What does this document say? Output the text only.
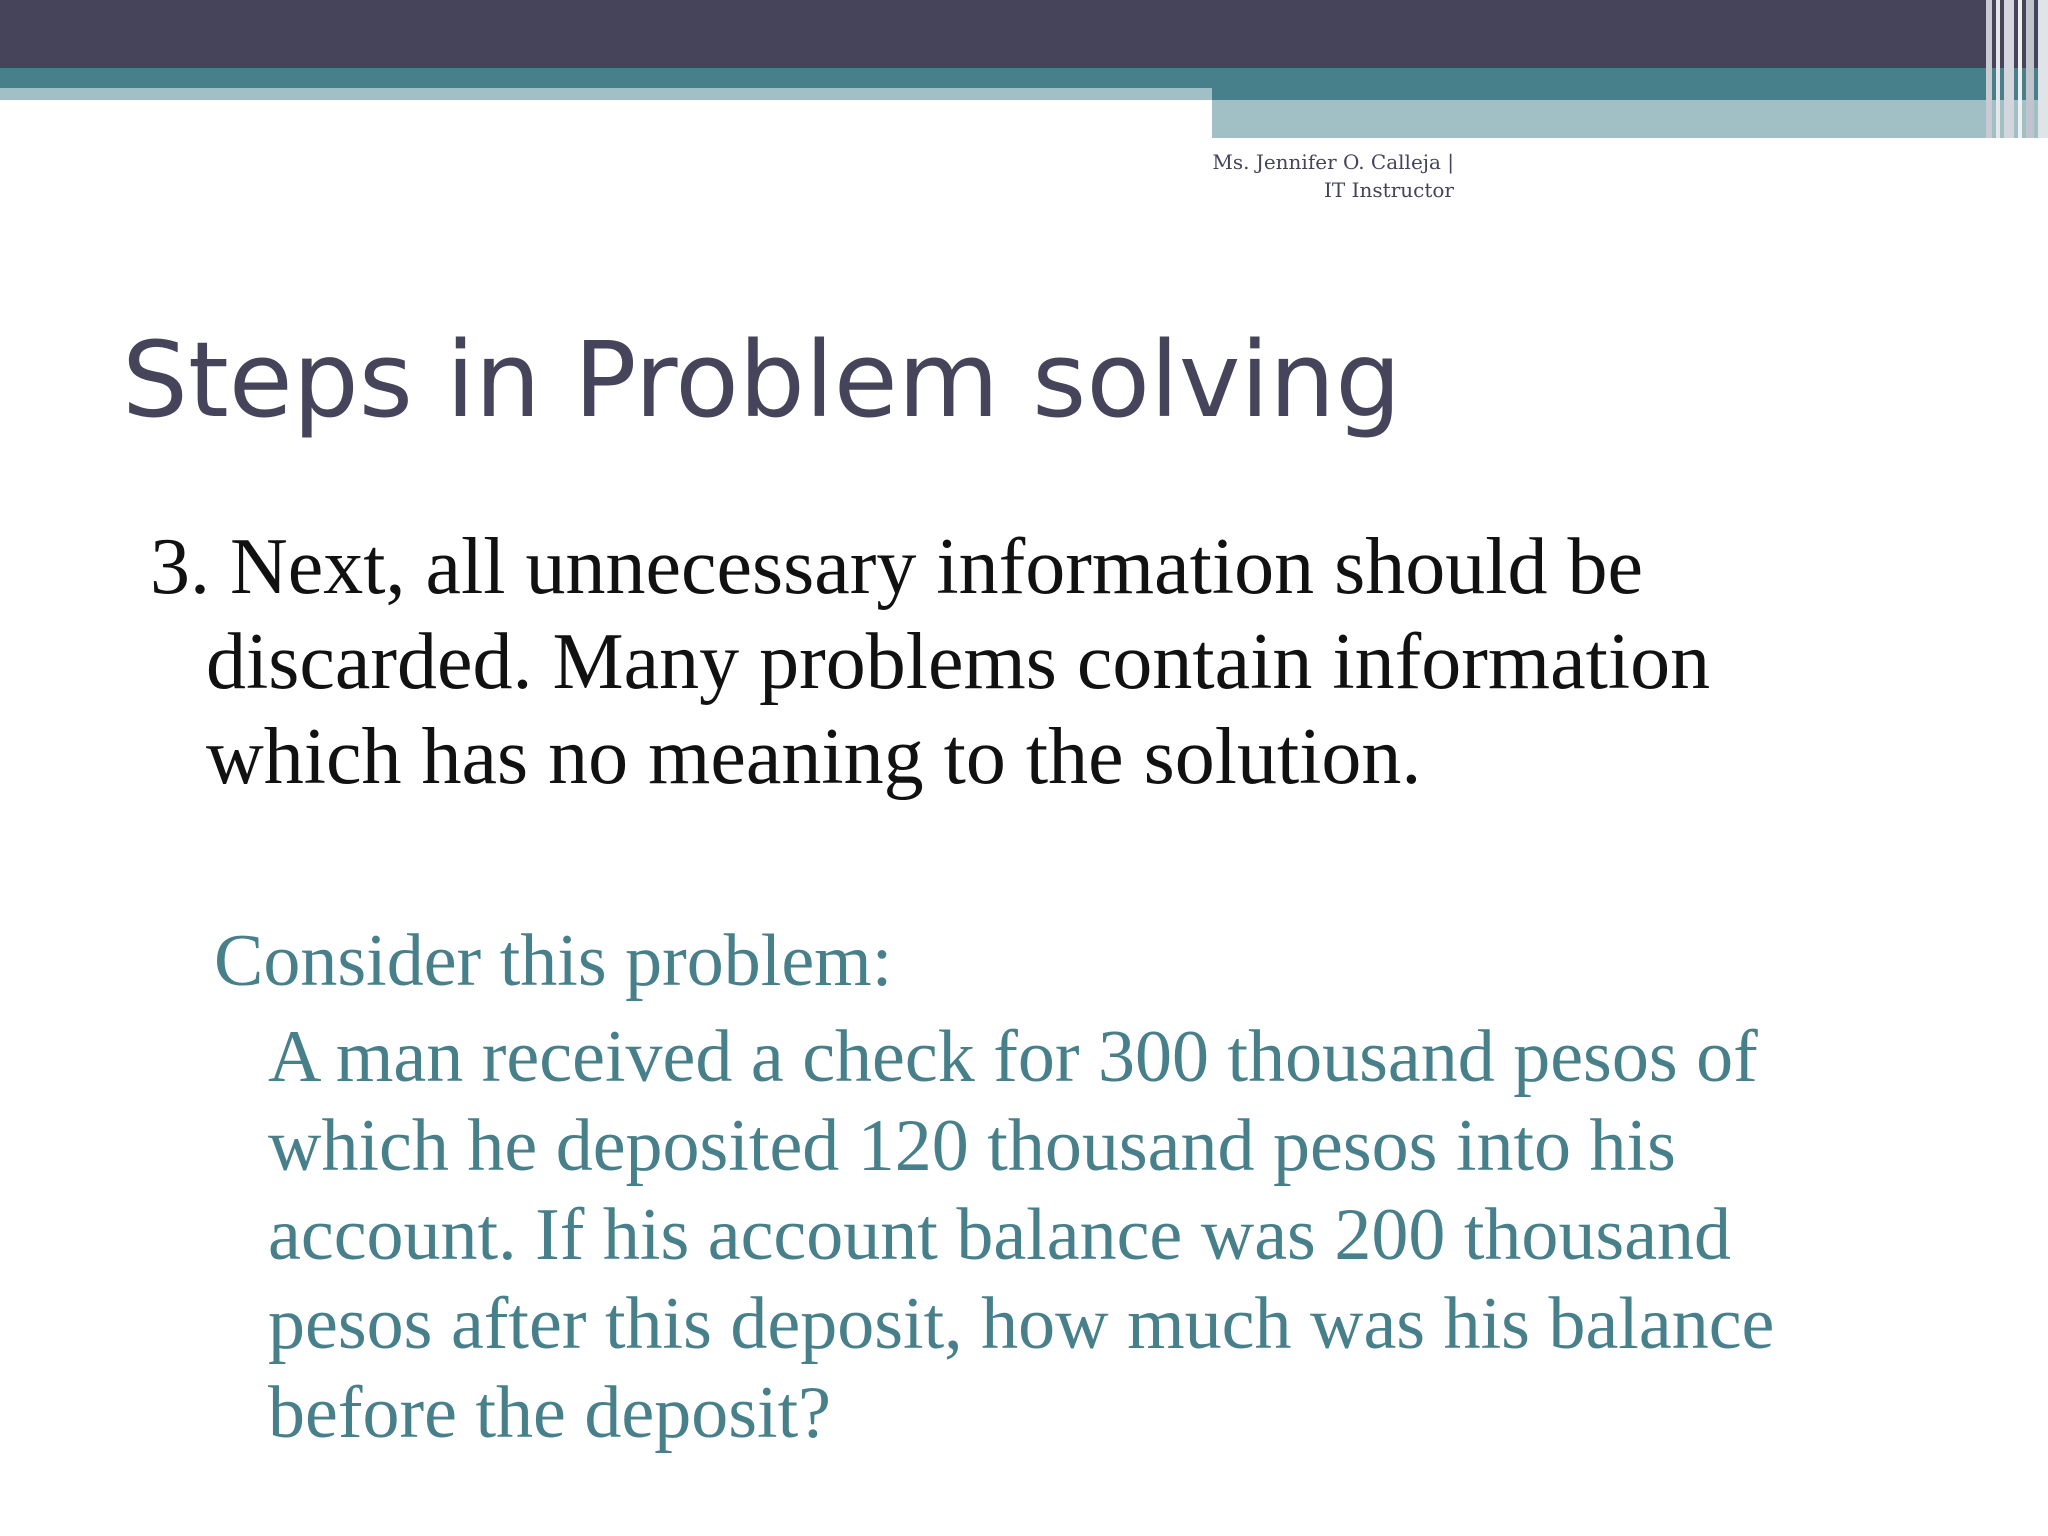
Ms. Jennifer O. Calleja |
IT Instructor
Steps in Problem solving
3. Next, all unnecessary information should be
discarded. Many problems contain information
which has no meaning to the solution.
Consider this problem:
A man received a check for 300 thousand pesos of
which he deposited 120 thousand pesos into his
account. If his account balance was 200 thousand
pesos after this deposit, how much was his balance
before the deposit?
